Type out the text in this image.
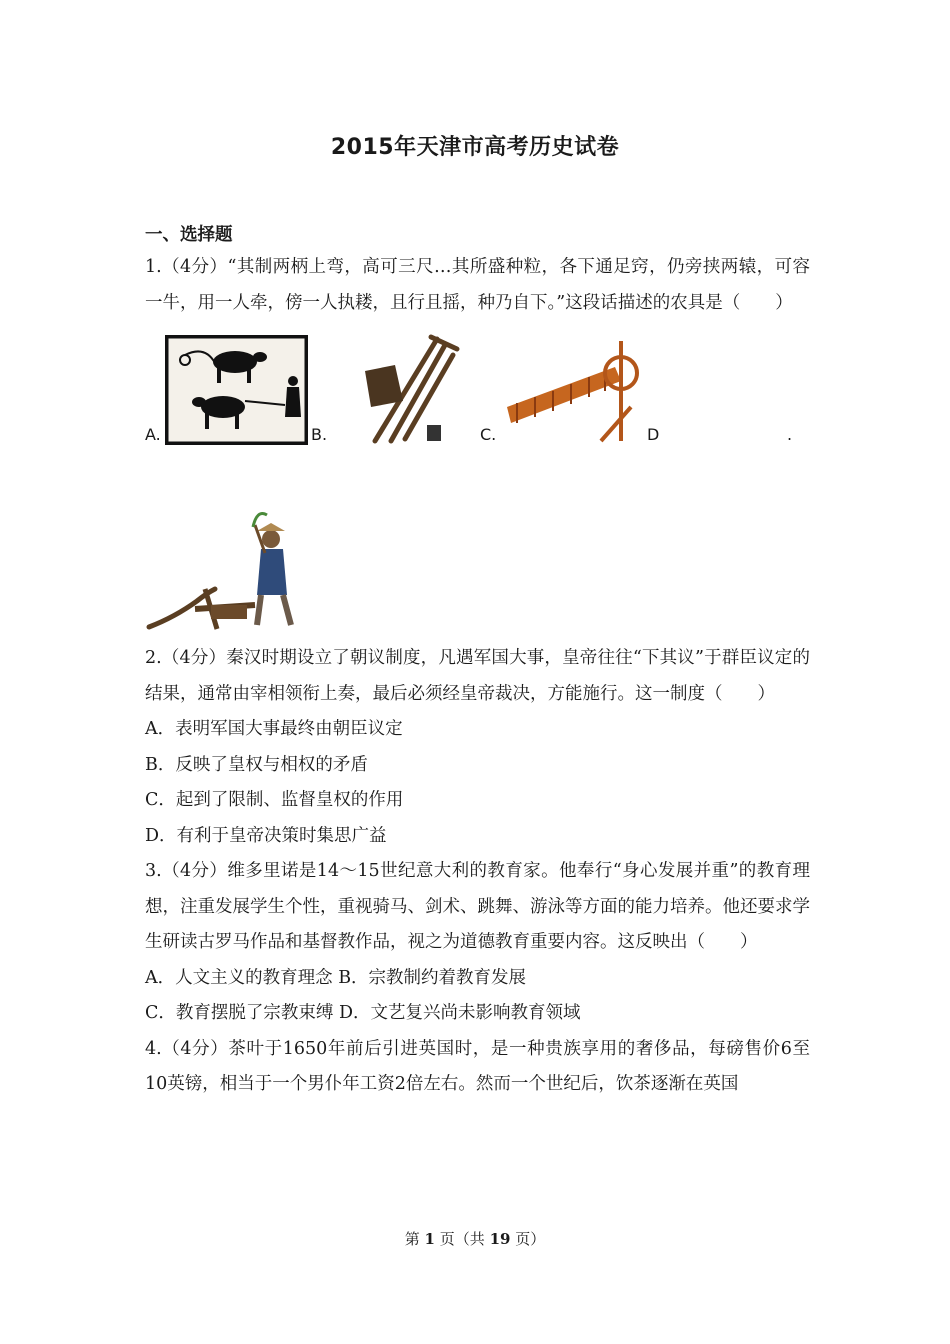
2015年天津市高考历史试卷
一、选择题

1.（4分）“其制两柄上弯，高可三尺…其所盛种粒，各下通足窍，仍旁挟两辕，可容一牛，用一人牵，傍一人执耧，且行且摇，种乃自下。”这段话描述的农具是（　　）

A.	B.	C.	D	.

2.（4分）秦汉时期设立了朝议制度，凡遇军国大事，皇帝往往“下其议”于群臣议定的结果，通常由宰相领衔上奏，最后必须经皇帝裁决，方能施行。这一制度（　　）

A．表明军国大事最终由朝臣议定

B．反映了皇权与相权的矛盾

C．起到了限制、监督皇权的作用

D．有利于皇帝决策时集思广益

3.（4分）维多里诺是14～15世纪意大利的教育家。他奉行“身心发展并重”的教育理想，注重发展学生个性，重视骑马、剑术、跳舞、游泳等方面的能力培养。他还要求学生研读古罗马作品和基督教作品，视之为道德教育重要内容。这反映出（　　）

A．人文主义的教育理念 B．宗教制约着教育发展

C．教育摆脱了宗教束缚 D．文艺复兴尚未影响教育领域

4.（4分）茶叶于1650年前后引进英国时，是一种贵族享用的奢侈品，每磅售价6至10英镑，相当于一个男仆年工资2倍左右。然而一个世纪后，饮茶逐渐在英国

第 1 页（共 19 页）
